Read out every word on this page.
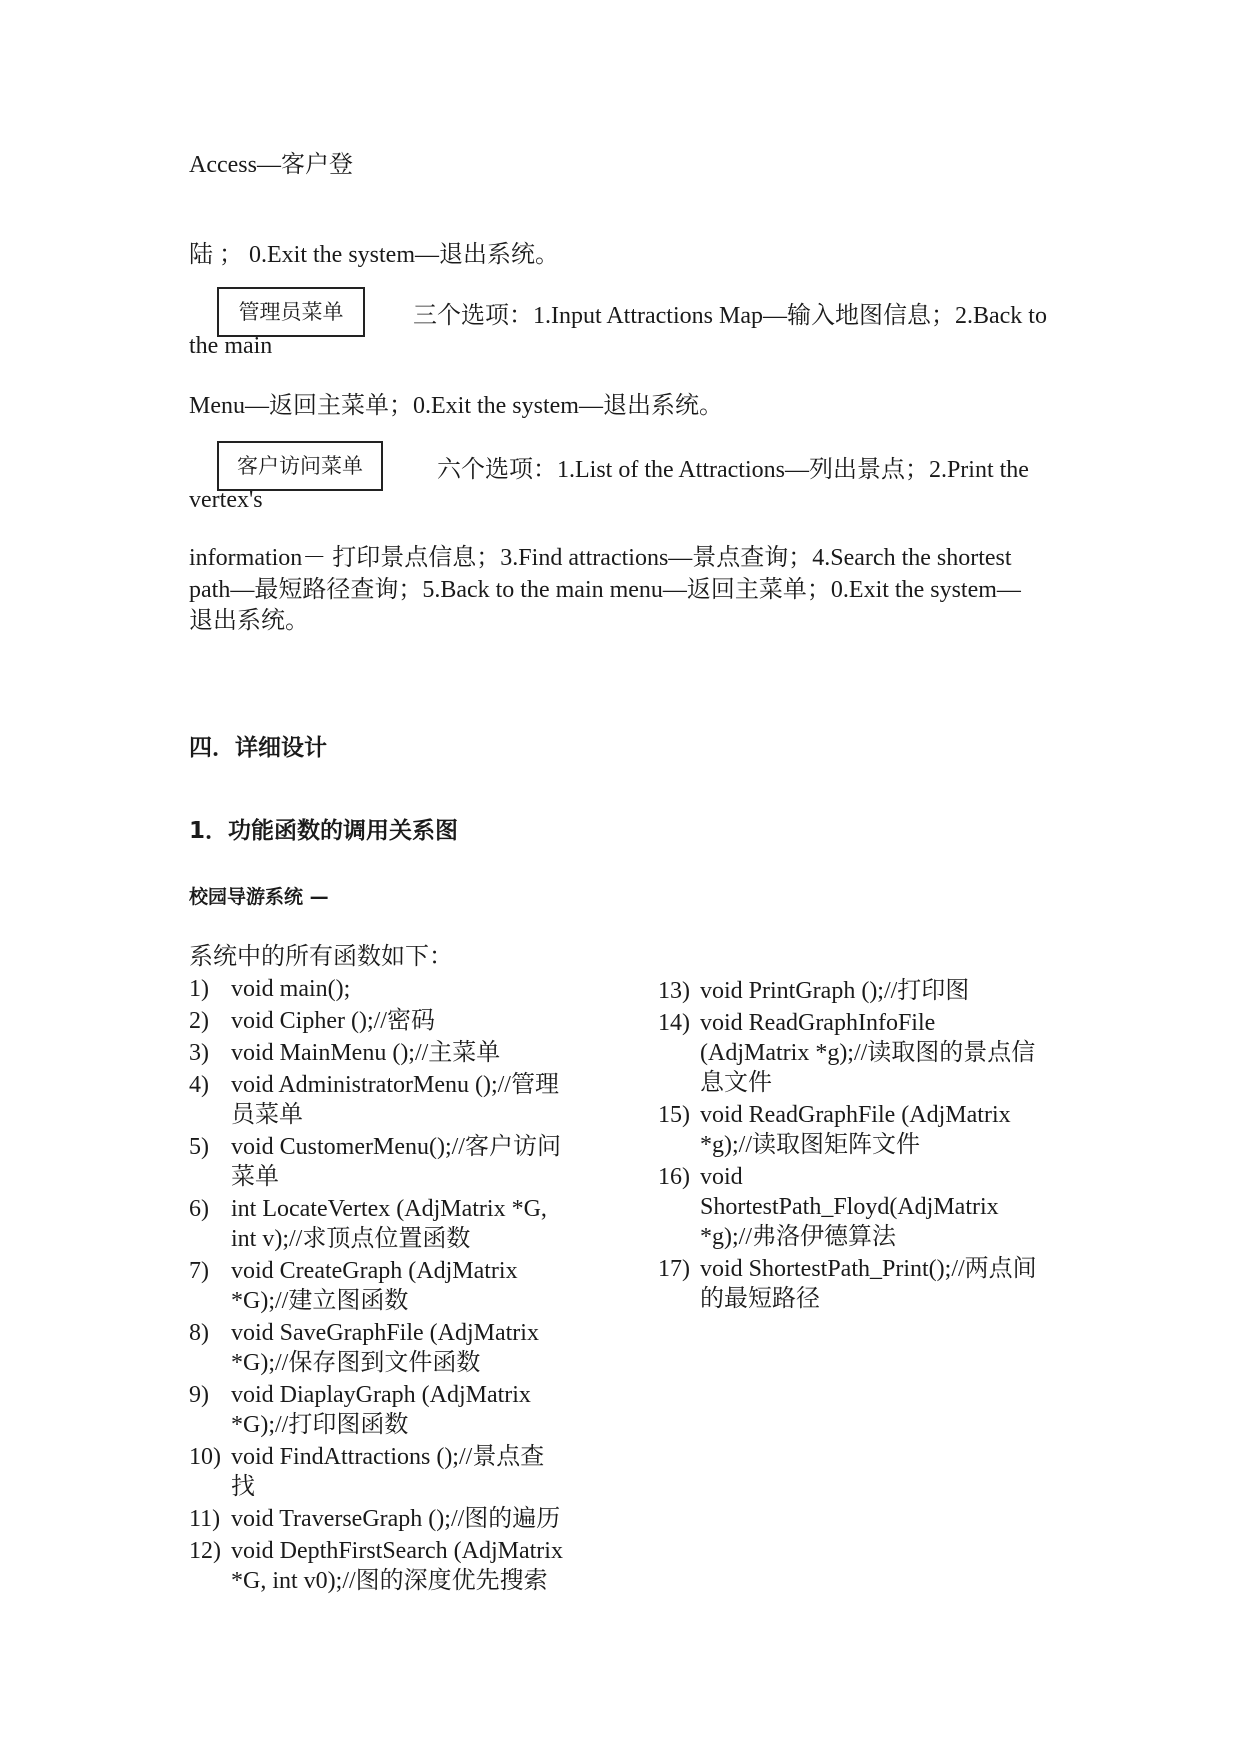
Access—客户登
陆 ； 0.Exit the system—退出系统。
管理员菜单	三个选项：1.Input Attractions Map—输入地图信息；2.Back to
the main
Menu—返回主菜单；0.Exit the system—退出系统。
客户访问菜单	六个选项：1.List of the Attractions—列出景点；2.Print the
vertex's
information－ 打印景点信息；3.Find attractions—景点查询；4.Search the shortest
path—最短路径查询；5.Back to the main menu—返回主菜单；0.Exit the system—
退出系统。
四．详细设计
1．功能函数的调用关系图
校园导游系统 —
系统中的所有函数如下：
1) void main();
2) void Cipher ();//密码
3) void MainMenu ();//主菜单
4) void AdministratorMenu ();//管理
员菜单
5) void CustomerMenu();//客户访问
菜单
6) int LocateVertex (AdjMatrix *G,
int v);//求顶点位置函数
7) void CreateGraph (AdjMatrix
*G);//建立图函数
8) void SaveGraphFile (AdjMatrix
*G);//保存图到文件函数
9) void DiaplayGraph (AdjMatrix
*G);//打印图函数
10) void FindAttractions ();//景点查
找
11) void TraverseGraph ();//图的遍历
12) void DepthFirstSearch (AdjMatrix
*G, int v0);//图的深度优先搜索
13) void PrintGraph ();//打印图
14) void ReadGraphInfoFile
(AdjMatrix *g);//读取图的景点信
息文件
15) void ReadGraphFile (AdjMatrix
*g);//读取图矩阵文件
16) void
ShortestPath_Floyd(AdjMatrix
*g);//弗洛伊德算法
17) void ShortestPath_Print();//两点间
的最短路径
